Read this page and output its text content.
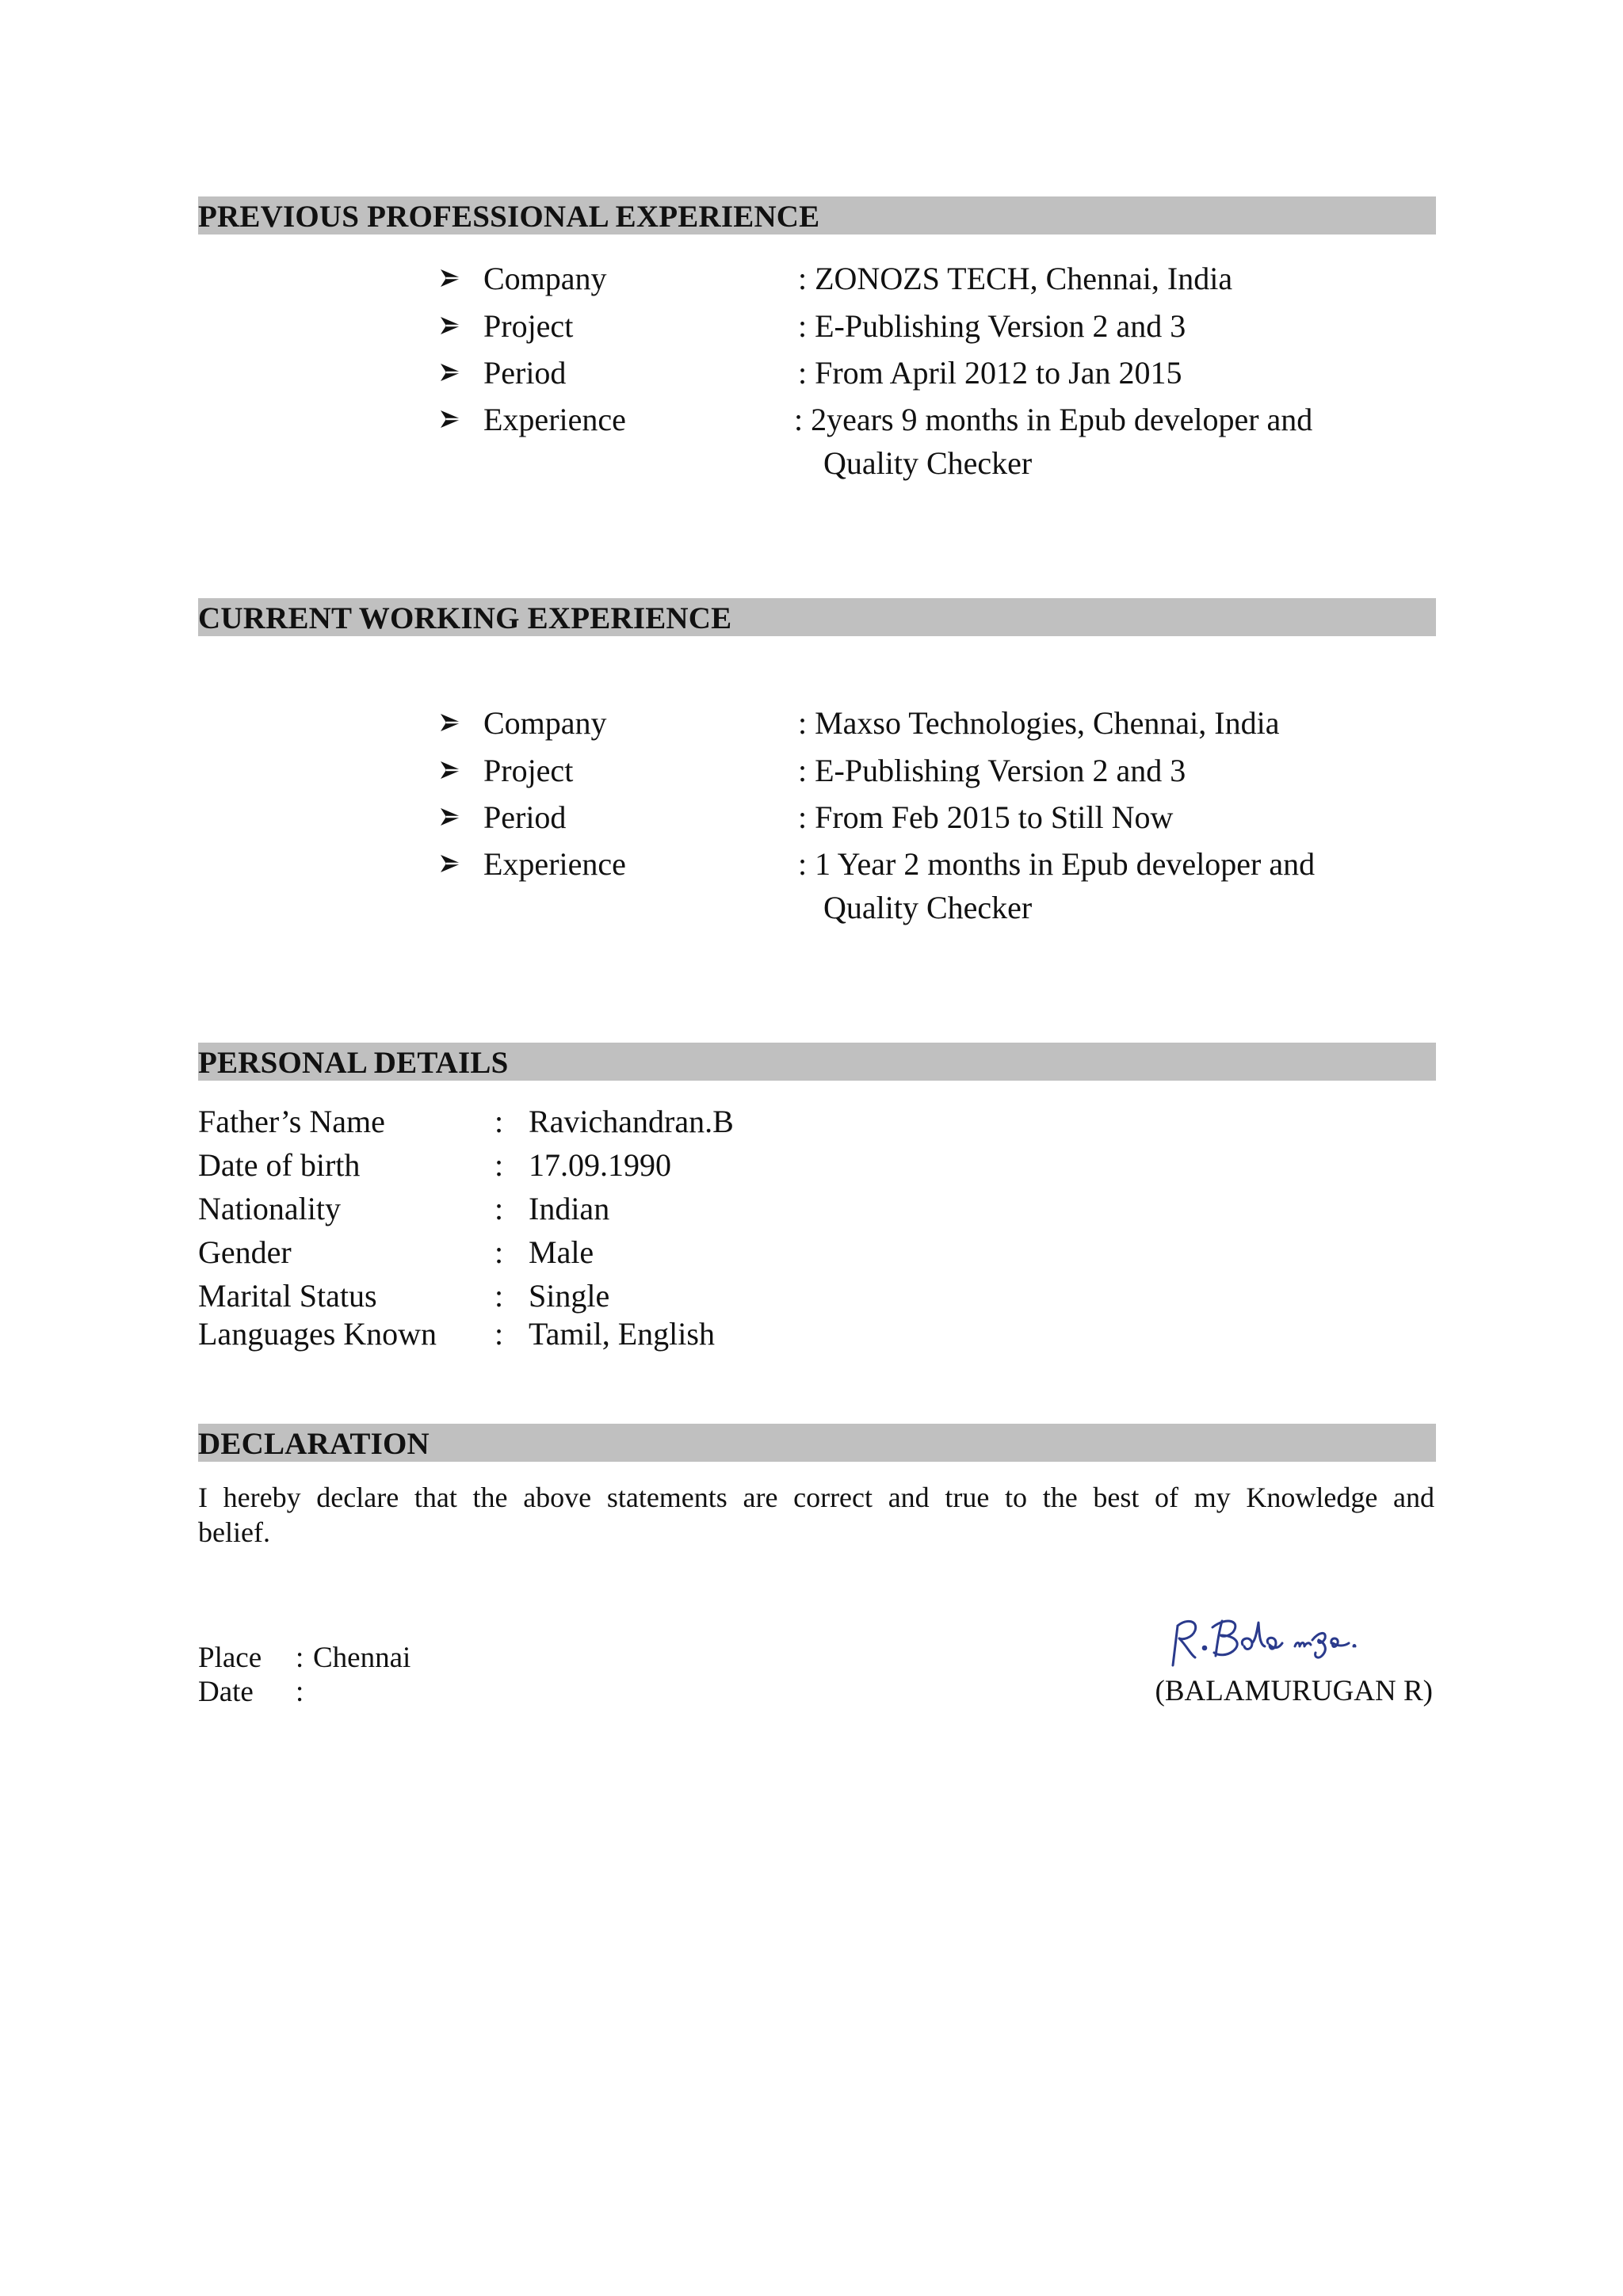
PREVIOUS PROFESSIONAL EXPERIENCE
Company	: ZONOZS TECH, Chennai, India
Project	: E-Publishing Version 2 and 3
Period	: From April 2012 to Jan 2015
Experience	: 2years 9 months in Epub developer and
Quality Checker
CURRENT WORKING EXPERIENCE
Company	: Maxso Technologies, Chennai, India
Project	: E-Publishing Version 2 and 3
Period	: From Feb 2015 to Still Now
Experience	: 1 Year 2 months in Epub developer and
Quality Checker
PERSONAL DETAILS
Father’s Name	: Ravichandran.B
Date of birth	: 17.09.1990
Nationality	: Indian
Gender	: Male
Marital Status	: Single
Languages Known : Tamil, English
DECLARATION
I hereby declare that the above statements are correct and true to the best of my Knowledge and
belief.
Place : Chennai
Date :	(BALAMURUGAN R)
